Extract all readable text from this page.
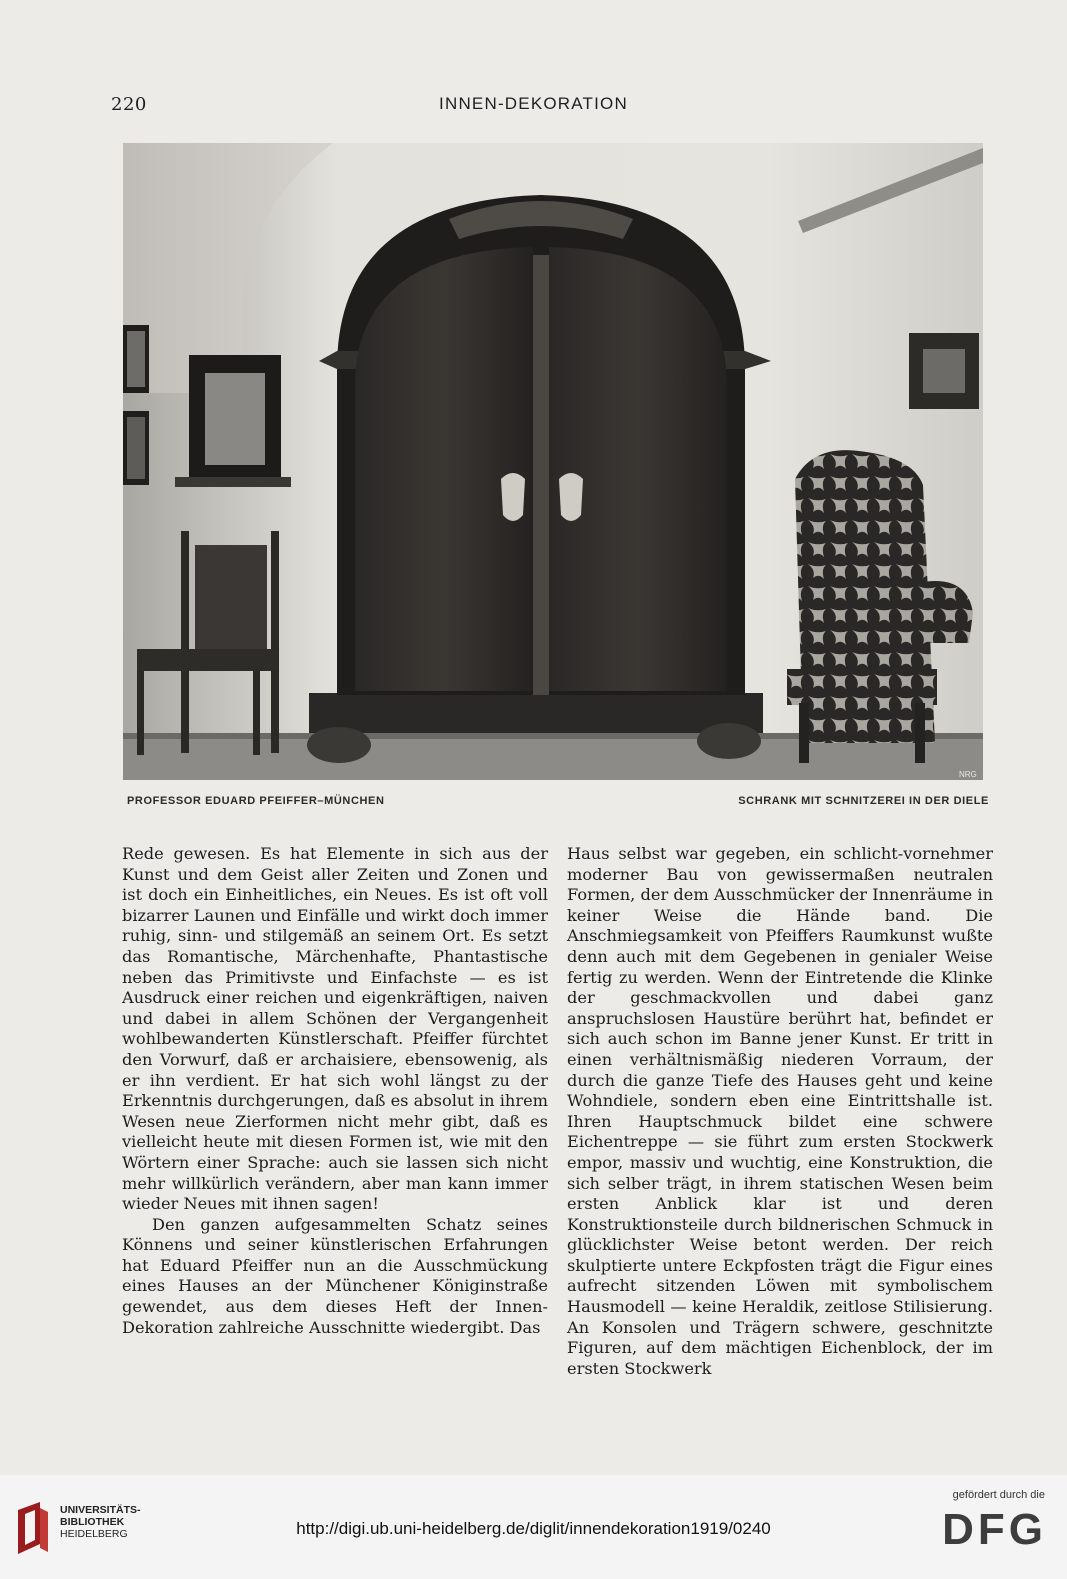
220	INNEN-DEKORATION
NRG
PROFESSOR EDUARD PFEIFFER–MÜNCHEN	SCHRANK MIT SCHNITZEREI IN DER DIELE

Rede gewesen. Es hat Elemente in sich aus der Kunst und dem Geist aller Zeiten und Zonen und ist doch ein Einheitliches, ein Neues. Es ist oft voll bizarrer Launen und Einfälle und wirkt doch immer ruhig, sinn- und stilgemäß an seinem Ort. Es setzt das Romantische, Märchenhafte, Phantastische neben das Primitivste und Einfachste — es ist Ausdruck einer reichen und eigenkräftigen, naiven und dabei in allem Schönen der Vergangenheit wohlbewanderten Künstlerschaft. Pfeiffer fürchtet den Vorwurf, daß er archaisiere, ebensowenig, als er ihn verdient. Er hat sich wohl längst zu der Erkenntnis durchgerungen, daß es absolut in ihrem Wesen neue Zierformen nicht mehr gibt, daß es vielleicht heute mit diesen Formen ist, wie mit den Wörtern einer Sprache: auch sie lassen sich nicht mehr willkürlich verändern, aber man kann immer wieder Neues mit ihnen sagen!

Den ganzen aufgesammelten Schatz seines Könnens und seiner künstlerischen Erfahrungen hat Eduard Pfeiffer nun an die Ausschmückung eines Hauses an der Münchener Königinstraße gewendet, aus dem dieses Heft der Innen-Dekoration zahlreiche Ausschnitte wiedergibt. Das

Haus selbst war gegeben, ein schlicht-vornehmer moderner Bau von gewissermaßen neutralen Formen, der dem Ausschmücker der Innenräume in keiner Weise die Hände band. Die Anschmiegsamkeit von Pfeiffers Raumkunst wußte denn auch mit dem Gegebenen in genialer Weise fertig zu werden. Wenn der Eintretende die Klinke der geschmackvollen und dabei ganz anspruchslosen Haustüre berührt hat, befindet er sich auch schon im Banne jener Kunst. Er tritt in einen verhältnismäßig niederen Vorraum, der durch die ganze Tiefe des Hauses geht und keine Wohndiele, sondern eben eine Eintrittshalle ist. Ihren Hauptschmuck bildet eine schwere Eichentreppe — sie führt zum ersten Stockwerk empor, massiv und wuchtig, eine Konstruktion, die sich selber trägt, in ihrem statischen Wesen beim ersten Anblick klar ist und deren Konstruktionsteile durch bildnerischen Schmuck in glücklichster Weise betont werden. Der reich skulptierte untere Eckpfosten trägt die Figur eines aufrecht sitzenden Löwen mit symbolischem Hausmodell — keine Heraldik, zeitlose Stilisierung. An Konsolen und Trägern schwere, geschnitzte Figuren, auf dem mächtigen Eichenblock, der im ersten Stockwerk

UNIVERSITÄTS-
BIBLIOTHEK
HEIDELBERG	http://digi.ub.uni-heidelberg.de/diglit/innendekoration1919/0240
gefördert durch die
DFG
